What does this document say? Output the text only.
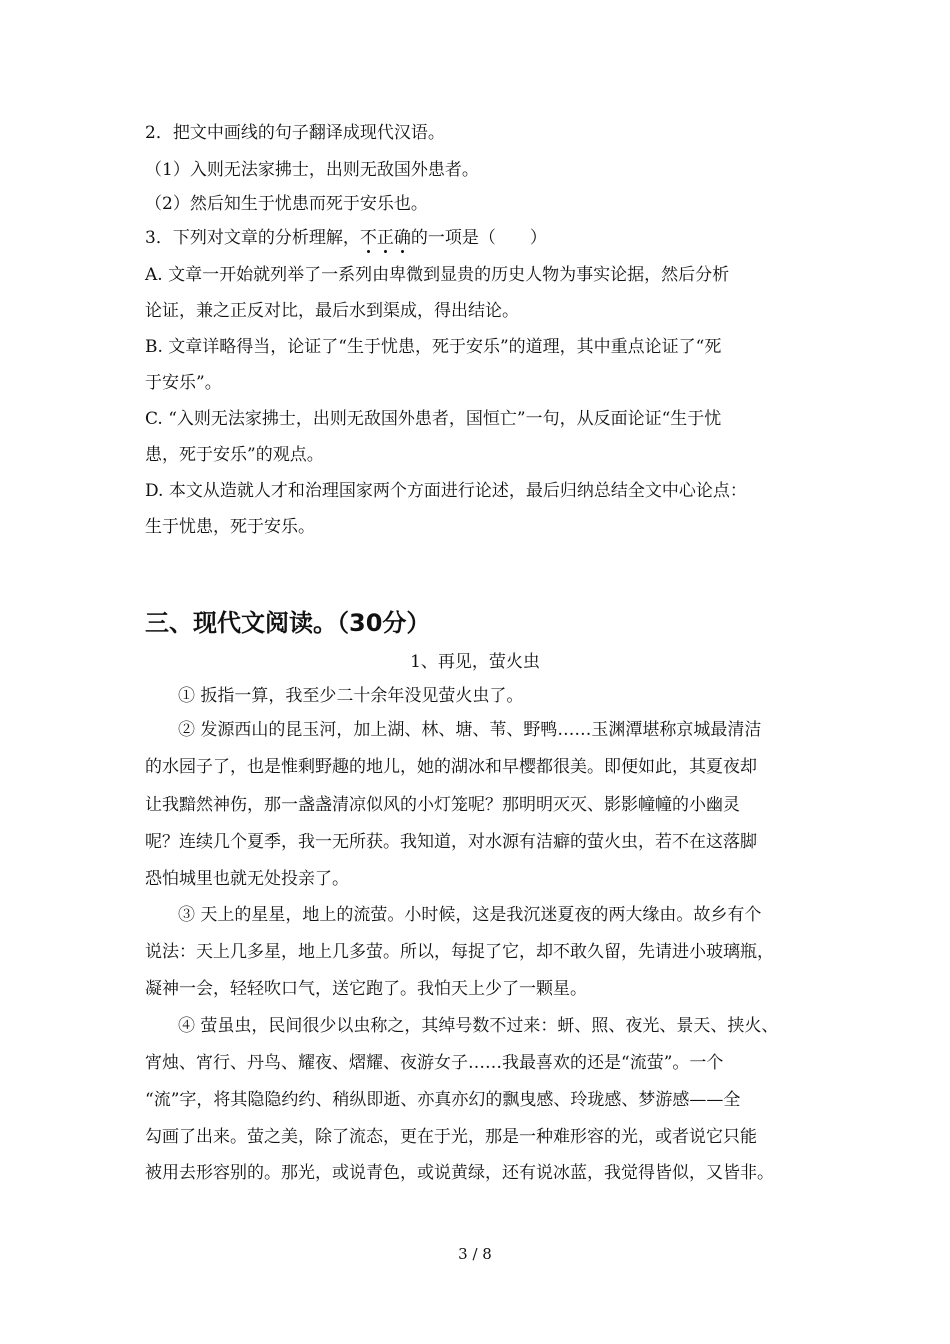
2．把文中画线的句子翻译成现代汉语。
（1）入则无法家拂士，出则无敌国外患者。
（2）然后知生于忧患而死于安乐也。
3．下列对文章的分析理解，不正确的一项是（　　）
A. 文章一开始就列举了一系列由卑微到显贵的历史人物为事实论据，然后分析
论证，兼之正反对比，最后水到渠成，得出结论。
B. 文章详略得当，论证了“生于忧患，死于安乐”的道理，其中重点论证了“死
于安乐”。
C. “入则无法家拂士，出则无敌国外患者，国恒亡”一句，从反面论证“生于忧
患，死于安乐”的观点。
D. 本文从造就人才和治理国家两个方面进行论述，最后归纳总结全文中心论点：
生于忧患，死于安乐。
三、现代文阅读。（30分）
1、再见，萤火虫
① 扳指一算，我至少二十余年没见萤火虫了。
② 发源西山的昆玉河，加上湖、林、塘、苇、野鸭……玉渊潭堪称京城最清洁
的水园子了，也是惟剩野趣的地儿，她的湖冰和早樱都很美。即便如此，其夏夜却
让我黯然神伤，那一盏盏清凉似风的小灯笼呢？那明明灭灭、影影幢幢的小幽灵
呢？连续几个夏季，我一无所获。我知道，对水源有洁癖的萤火虫，若不在这落脚
恐怕城里也就无处投亲了。
③ 天上的星星，地上的流萤。小时候，这是我沉迷夏夜的两大缘由。故乡有个
说法：天上几多星，地上几多萤。所以，每捉了它，却不敢久留，先请进小玻璃瓶，
凝神一会，轻轻吹口气，送它跑了。我怕天上少了一颗星。
④ 萤虽虫，民间很少以虫称之，其绰号数不过来：蚈、照、夜光、景天、挟火、
宵烛、宵行、丹鸟、耀夜、熠耀、夜游女子……我最喜欢的还是“流萤”。一个
“流”字，将其隐隐约约、稍纵即逝、亦真亦幻的飘曳感、玲珑感、梦游感——全
勾画了出来。萤之美，除了流态，更在于光，那是一种难形容的光，或者说它只能
被用去形容别的。那光，或说青色，或说黄绿，还有说冰蓝，我觉得皆似，又皆非。
3 / 8
